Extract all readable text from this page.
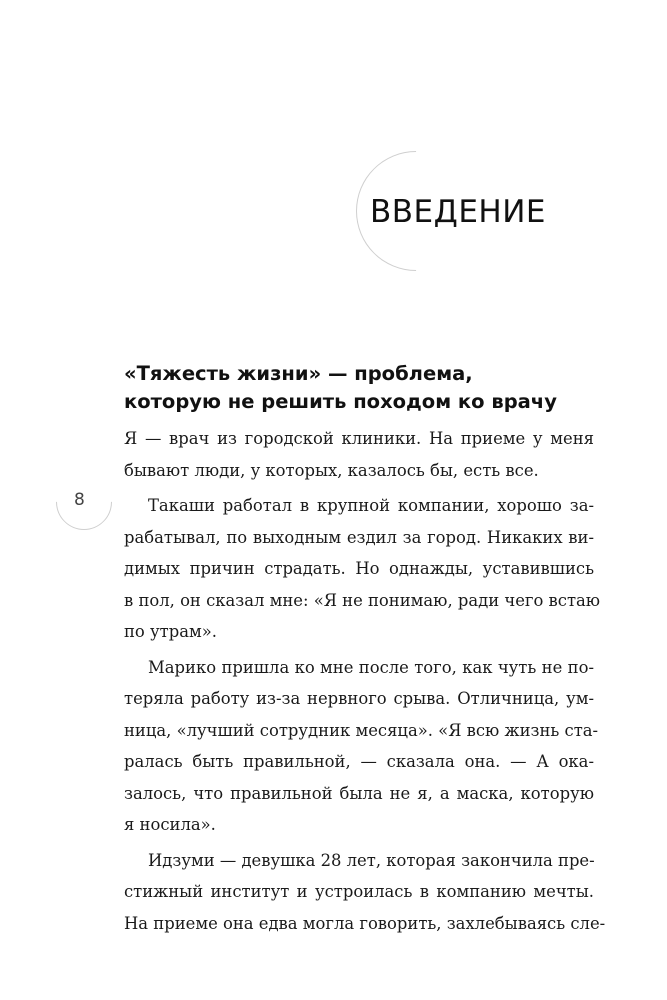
ВВЕДЕНИЕ
8
«Тяжесть жизни» — проблема,
которую не решить походом ко врачу

Я — врач из городской клиники. На приеме у меня
бывают люди, у которых, казалось бы, есть все.

Такаши работал в крупной компании, хорошо за-
рабатывал, по выходным ездил за город. Никаких ви-
димых причин страдать. Но однажды, уставившись
в пол, он сказал мне: «Я не понимаю, ради чего встаю
по утрам».

Марико пришла ко мне после того, как чуть не по-
теряла работу из-за нервного срыва. Отличница, ум-
ница, «лучший сотрудник месяца». «Я всю жизнь ста-
ралась быть правильной, — сказала она. — А ока-
залось, что правильной была не я, а маска, которую
я носила».

Идзуми — девушка 28 лет, которая закончила пре-
стижный институт и устроилась в компанию мечты.
На приеме она едва могла говорить, захлебываясь сле-
